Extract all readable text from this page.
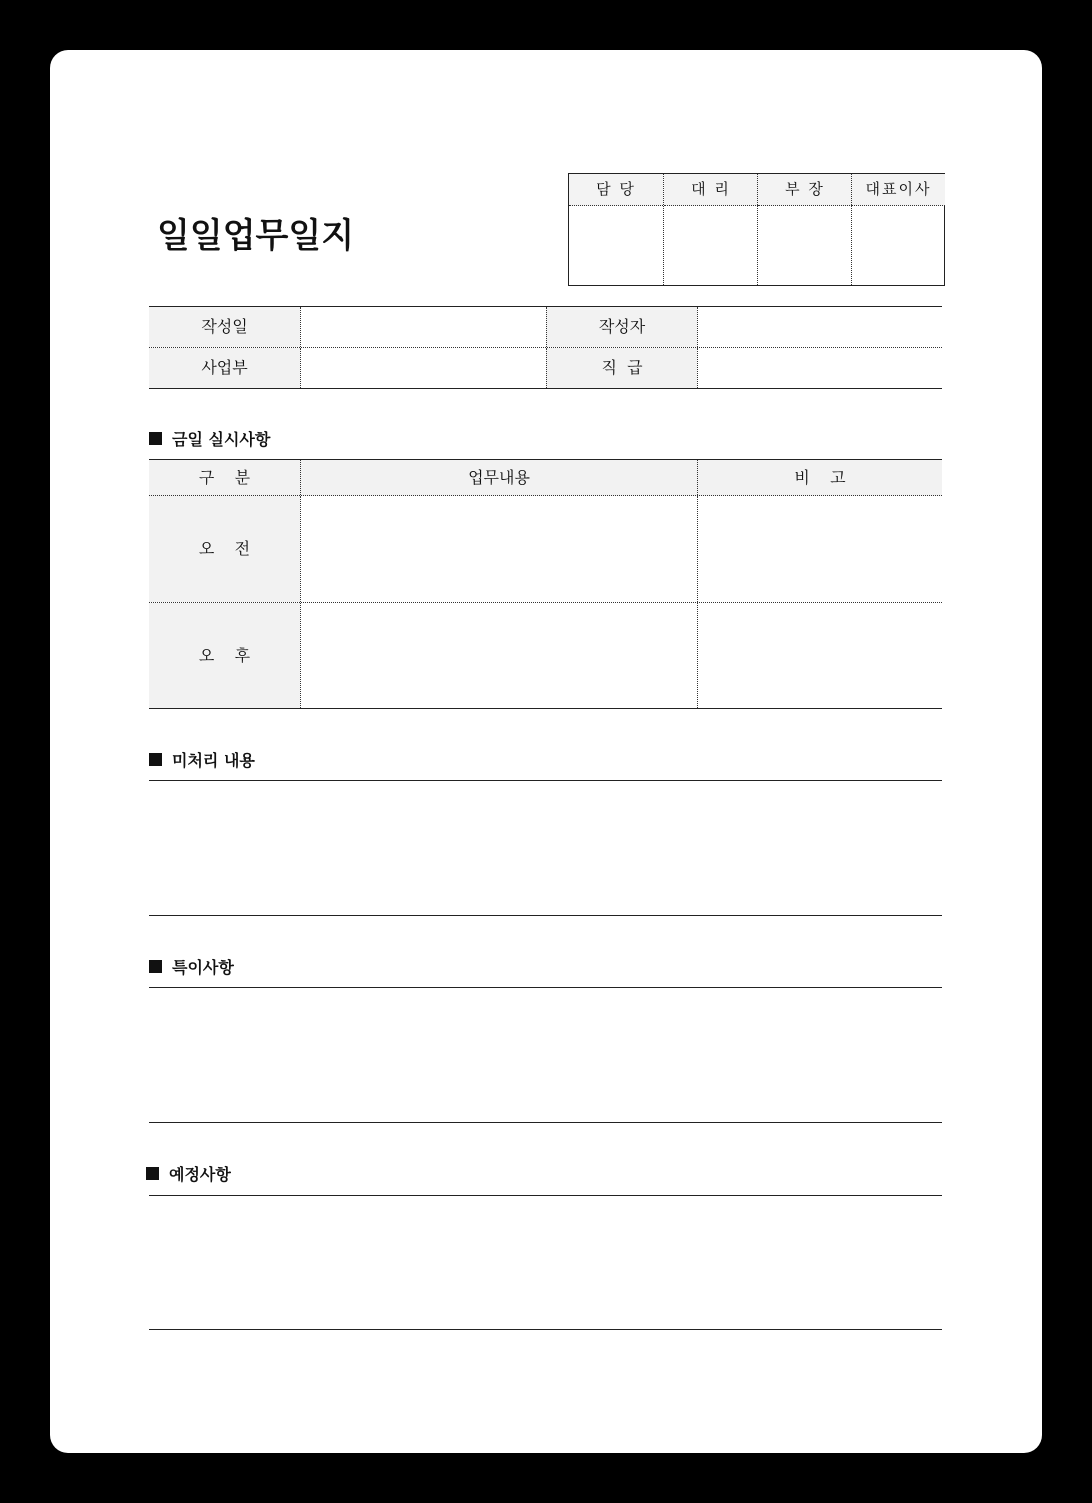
일일업무일지
담 당	대 리	부 장	대표이사
작성일	작성자
사업부	직  급
금일 실시사항
구    분	업무내용	비    고
오    전
오    후
미처리 내용
특이사항
예정사항
